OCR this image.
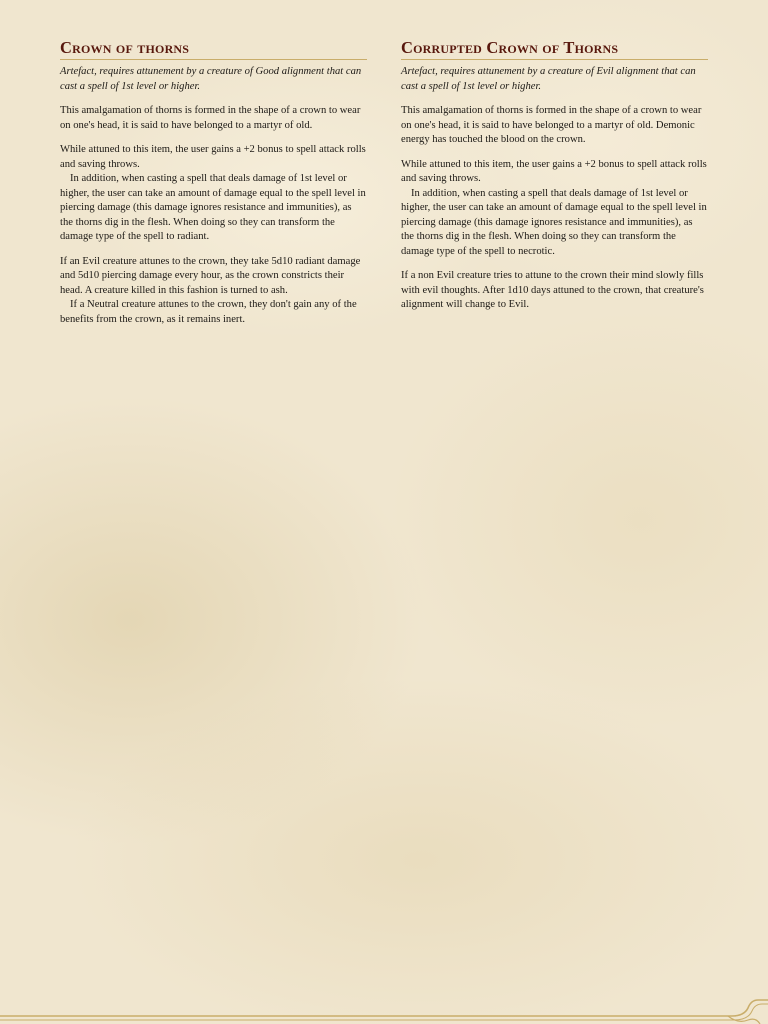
Crown of thorns

Artefact, requires attunement by a creature of Good alignment that can cast a spell of 1st level or higher.

This amalgamation of thorns is formed in the shape of a crown to wear on one's head, it is said to have belonged to a martyr of old.

While attuned to this item, the user gains a +2 bonus to spell attack rolls and saving throws.

In addition, when casting a spell that deals damage of 1st level or higher, the user can take an amount of damage equal to the spell level in piercing damage (this damage ignores resistance and immunities), as the thorns dig in the flesh. When doing so they can transform the damage type of the spell to radiant.

If an Evil creature attunes to the crown, they take 5d10 radiant damage and 5d10 piercing damage every hour, as the crown constricts their head. A creature killed in this fashion is turned to ash.

If a Neutral creature attunes to the crown, they don't gain any of the benefits from the crown, as it remains inert.

Corrupted Crown of Thorns

Artefact, requires attunement by a creature of Evil alignment that can cast a spell of 1st level or higher.

This amalgamation of thorns is formed in the shape of a crown to wear on one's head, it is said to have belonged to a martyr of old. Demonic energy has touched the blood on the crown.

While attuned to this item, the user gains a +2 bonus to spell attack rolls and saving throws.

In addition, when casting a spell that deals damage of 1st level or higher, the user can take an amount of damage equal to the spell level in piercing damage (this damage ignores resistance and immunities), as the thorns dig in the flesh. When doing so they can transform the damage type of the spell to necrotic.

If a non Evil creature tries to attune to the crown their mind slowly fills with evil thoughts. After 1d10 days attuned to the crown, that creature's alignment will change to Evil.
